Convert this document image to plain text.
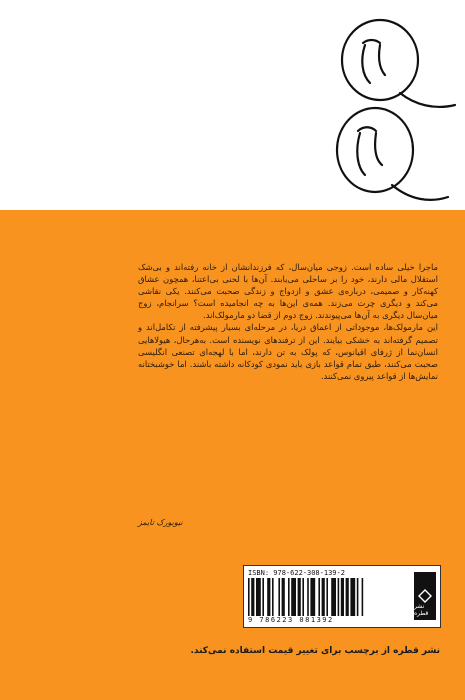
ماجرا خیلی ساده است. زوجی میان‌سال، که فرزندانشان از خانه رفته‌اند و بی‌شک استقلال مالی دارند، خود را بر ساحلی می‌یابند. آن‌ها با لحنی بی‌اعتنا، همچون عشاق کهنه‌کار و صمیمی، درباره‌ی عشق و ازدواج و زندگی صحبت می‌کنند. یکی نقاشی می‌کند و دیگری چرت می‌زند. همه‌ی این‌ها به چه انجامیده است؟ سرانجام، زوج میان‌سال دیگری به آن‌ها می‌پیوندند. زوج دوم از قضا دو مارمولک‌اند.

این مارمولک‌ها، موجوداتی از اعماق دریا، در مرحله‌ای بسیار پیشرفته از تکامل‌اند و تصمیم گرفته‌اند به خشکی بیایند. این از ترفندهای نویسنده است. به‌هرحال، هیولاهایی انسان‌نما از ژرفای اقیانوس، که پولک به تن دارند، اما با لهجه‌ای تصنعی انگلیسی صحبت می‌کنند، طبق تمام قواعد بازی باید نمودی کودکانه داشته باشند. اما خوشبختانه نمایش‌ها از قواعد پیروی نمی‌کنند.

نیویورک تایمز
ISBN: 978-622-308-139-2
9 786223 081392
نشر قطره
نشر قطره از برچسب برای تغییر قیمت استفاده نمی‌کند.
